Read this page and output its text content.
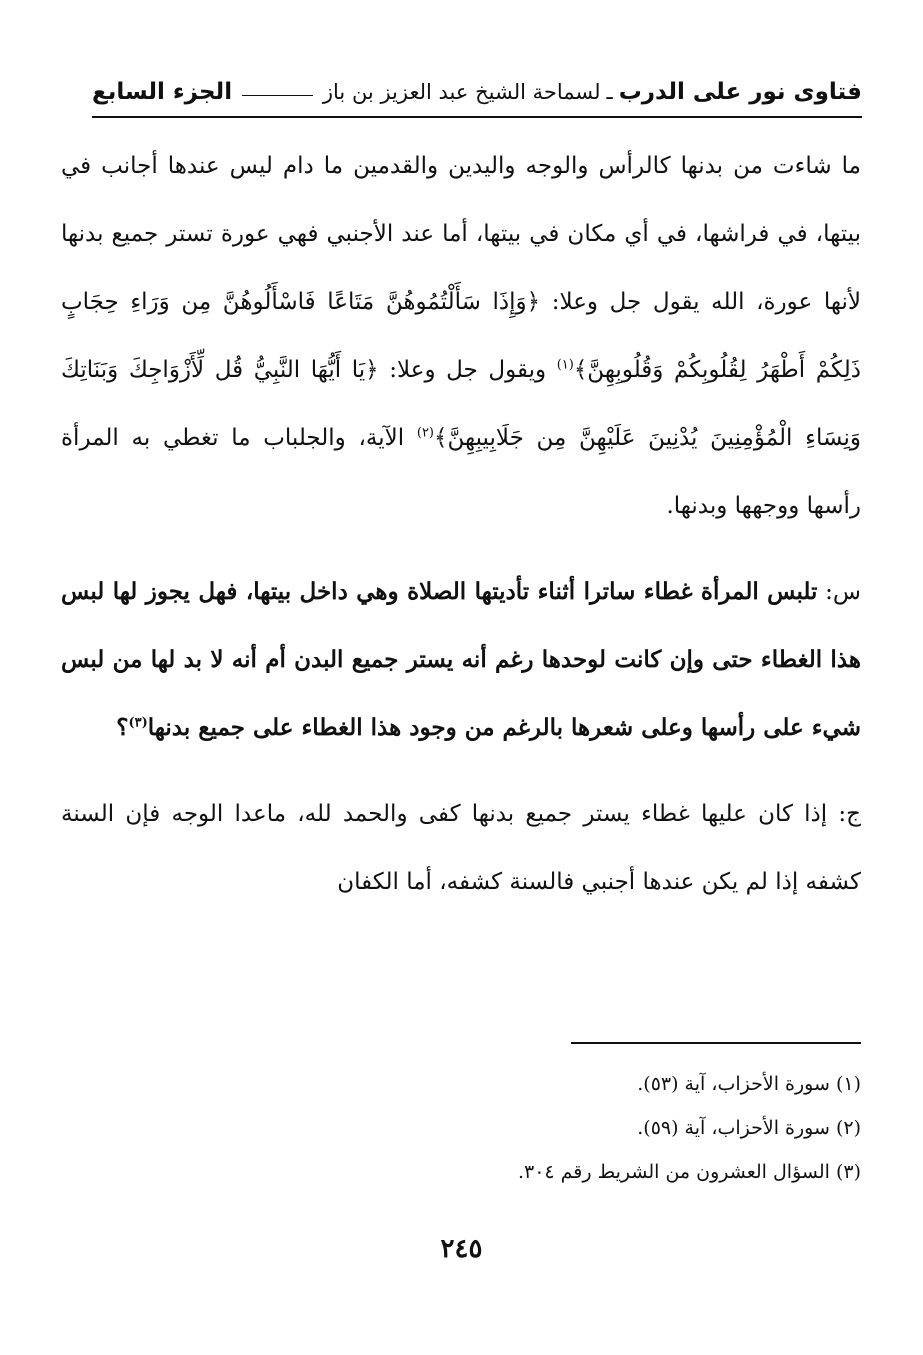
فتاوى نور على الدرب
ـ
لسماحة الشيخ عبد العزيز بن باز
الجزء السابع

ما شاءت من بدنها كالرأس والوجه واليدين والقدمين ما دام ليس عندها أجانب في بيتها، في فراشها، في أي مكان في بيتها، أما عند الأجنبي فهي عورة تستر جميع بدنها لأنها عورة، الله يقول جل وعلا: ﴿وَإِذَا سَأَلْتُمُوهُنَّ مَتَاعًا فَاسْأَلُوهُنَّ مِن وَرَاءِ حِجَابٍ ذَلِكُمْ أَطْهَرُ لِقُلُوبِكُمْ وَقُلُوبِهِنَّ﴾$^{(١)}$ ويقول جل وعلا: ﴿يَا أَيُّهَا النَّبِيُّ قُل لِّأَزْوَاجِكَ وَبَنَاتِكَ وَنِسَاءِ الْمُؤْمِنِينَ يُدْنِينَ عَلَيْهِنَّ مِن جَلَابِيبِهِنَّ﴾$^{(٢)}$ الآية، والجلباب ما تغطي به المرأة رأسها ووجهها وبدنها.

س: تلبس المرأة غطاء ساترا أثناء تأديتها الصلاة وهي داخل بيتها، فهل يجوز لها لبس هذا الغطاء حتى وإن كانت لوحدها رغم أنه يستر جميع البدن أم أنه لا بد لها من لبس شيء على رأسها وعلى شعرها بالرغم من وجود هذا الغطاء على جميع بدنها$^{(٣)}$؟

ج: إذا كان عليها غطاء يستر جميع بدنها كفى والحمد لله، ماعدا الوجه فإن السنة كشفه إذا لم يكن عندها أجنبي فالسنة كشفه، أما الكفان

(١) سورة الأحزاب، آية (٥٣).
(٢) سورة الأحزاب، آية (٥٩).
(٣) السؤال العشرون من الشريط رقم ٣٠٤.
٢٤٥
